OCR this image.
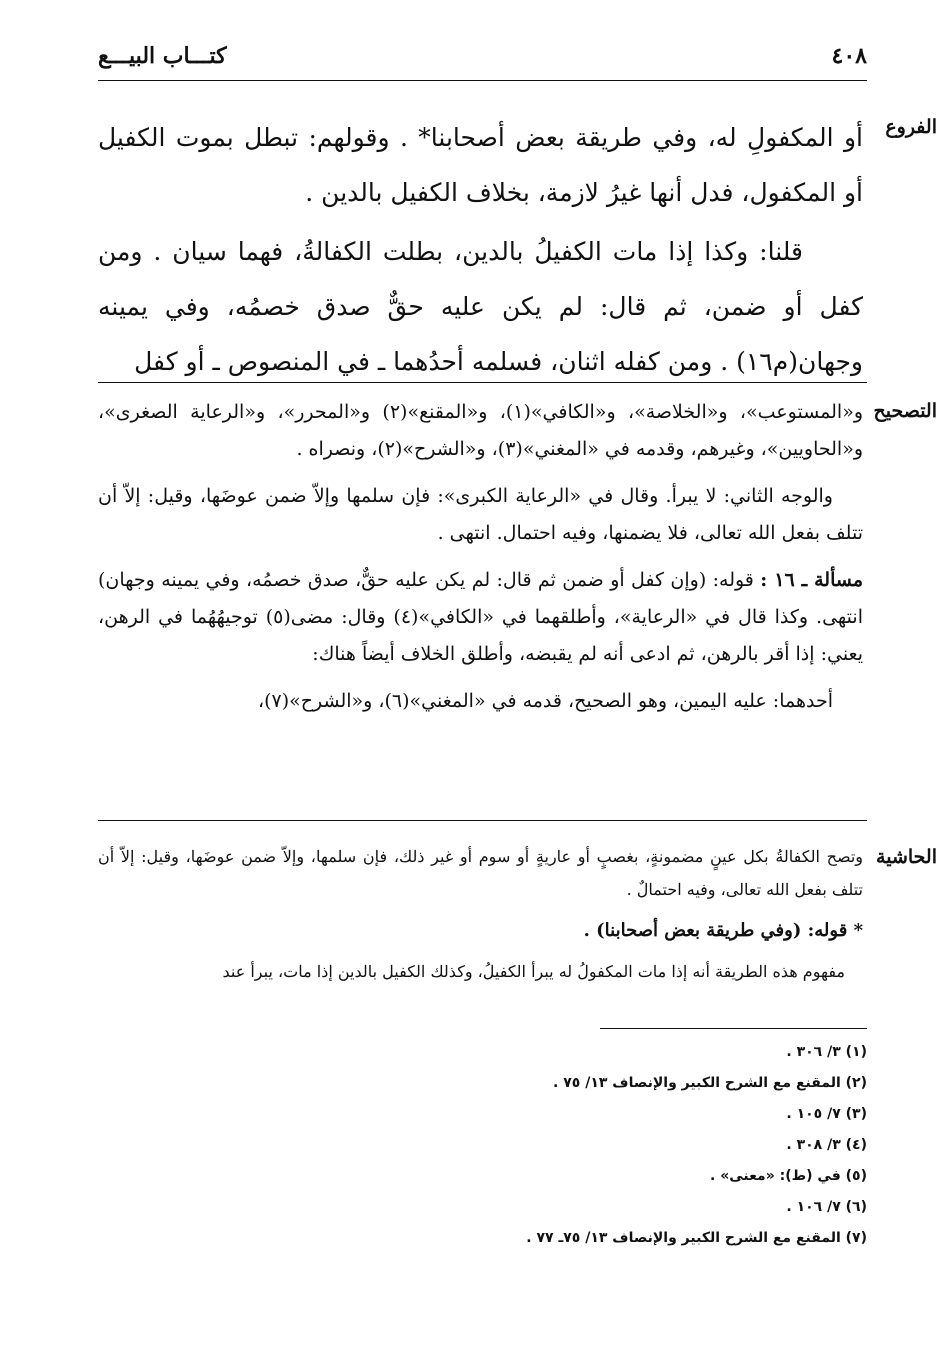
٤٠٨
كتـــاب البيـــع
الفروع

أو المكفولِ له، وفي طريقة بعض أصحابنا* . وقولهم: تبطل بموت الكفيل أو المكفول، فدل أنها غيرُ لازمة، بخلاف الكفيل بالدين .

قلنا: وكذا إذا مات الكفيلُ بالدين، بطلت الكفالةُ، فهما سيان . ومن كفل أو ضمن، ثم قال: لم يكن عليه حقٌّ صدق خصمُه، وفي يمينه وجهان(م١٦) . ومن كفله اثنان، فسلمه أحدُهما ـ في المنصوص ـ أو كفل

التصحيح

و«المستوعب»، و«الخلاصة»، و«الكافي»(١)، و«المقنع»(٢) و«المحرر»، و«الرعاية الصغرى»، و«الحاويين»، وغيرهم، وقدمه في «المغني»(٣)، و«الشرح»(٢)، ونصراه .

والوجه الثاني: لا يبرأ. وقال في «الرعاية الكبرى»: فإن سلمها وإلاّ ضمن عوضَها، وقيل: إلاّ أن تتلف بفعل الله تعالى، فلا يضمنها، وفيه احتمال. انتهى .

مسألة ـ ١٦ : قوله: (وإن كفل أو ضمن ثم قال: لم يكن عليه حقٌّ، صدق خصمُه، وفي يمينه وجهان) انتهى. وكذا قال في «الرعاية»، وأطلقهما في «الكافي»(٤) وقال: مضى(٥) توجيهُهُما في الرهن، يعني: إذا أقر بالرهن، ثم ادعى أنه لم يقبضه، وأطلق الخلاف أيضاً هناك:

أحدهما: عليه اليمين، وهو الصحيح، قدمه في «المغني»(٦)، و«الشرح»(٧)،

الحاشية

وتصح الكفالةُ بكل عينٍ مضمونةٍ، بغصبٍ أو عاريةٍ أو سوم أو غير ذلك، فإن سلمها، وإلاّ ضمن عوضَها، وقيل: إلاّ أن تتلف بفعل الله تعالى، وفيه احتمالٌ .

* قوله: (وفي طريقة بعض أصحابنا) .

مفهوم هذه الطريقة أنه إذا مات المكفولُ له يبرأ الكفيلُ، وكذلك الكفيل بالدين إذا مات، يبرأ عند

(١) ٣/ ٣٠٦ .
(٢) المقنع مع الشرح الكبير والإنصاف ١٣/ ٧٥ .
(٣) ٧/ ١٠٥ .
(٤) ٣/ ٣٠٨ .
(٥) في (ط): «معنى» .
(٦) ٧/ ١٠٦ .
(٧) المقنع مع الشرح الكبير والإنصاف ١٣/ ٧٥ـ ٧٧ .
